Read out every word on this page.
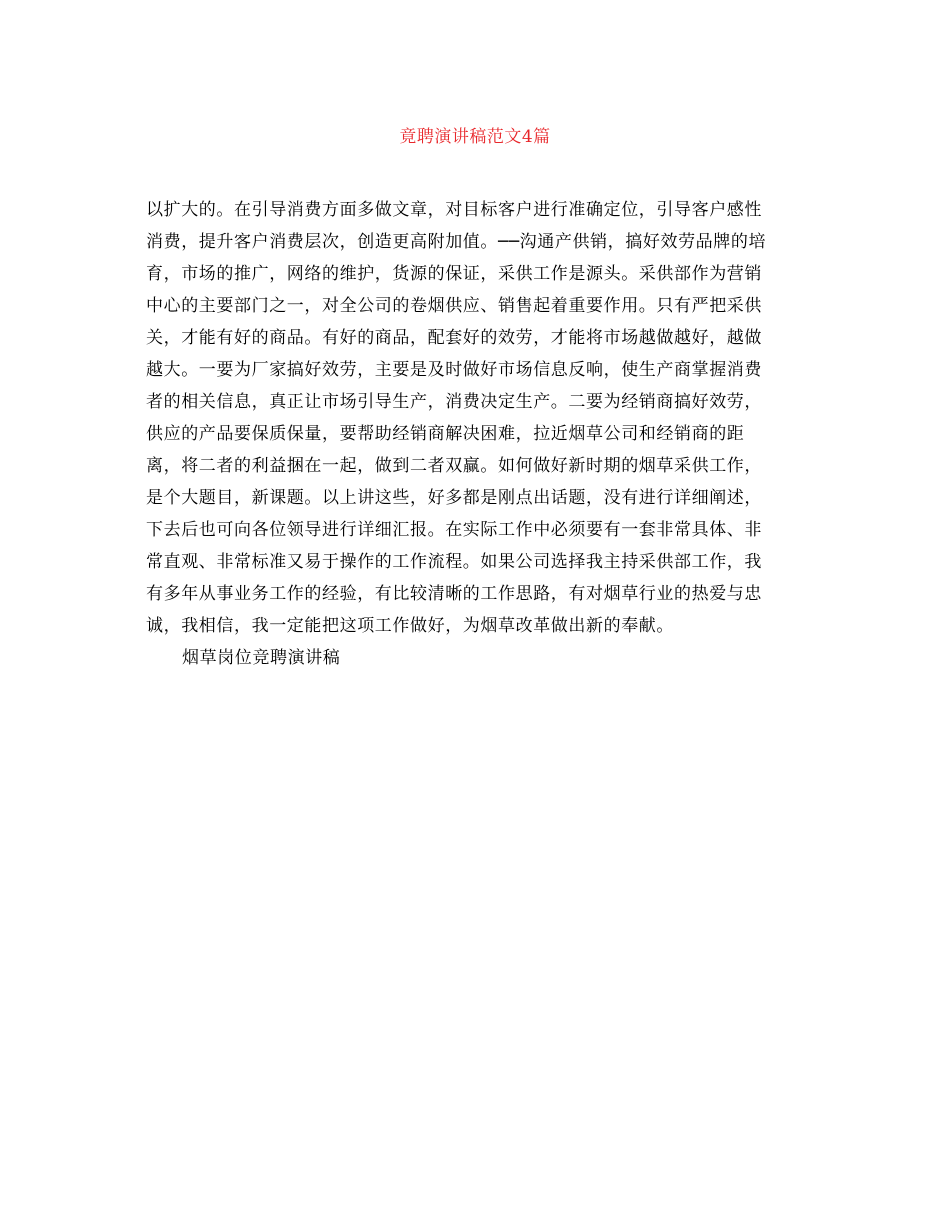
竟聘演讲稿范文4篇
以扩大的。在引导消费方面多做文章，对目标客户进行准确定位，引导客户感性
消费，提升客户消费层次，创造更高附加值。──沟通产供销，搞好效劳品牌的培
育，市场的推广，网络的维护，货源的保证，采供工作是源头。采供部作为营销
中心的主要部门之一，对全公司的卷烟供应、销售起着重要作用。只有严把采供
关，才能有好的商品。有好的商品，配套好的效劳，才能将市场越做越好，越做
越大。一要为厂家搞好效劳，主要是及时做好市场信息反响，使生产商掌握消费
者的相关信息，真正让市场引导生产，消费决定生产。二要为经销商搞好效劳，
供应的产品要保质保量，要帮助经销商解决困难，拉近烟草公司和经销商的距
离，将二者的利益捆在一起，做到二者双赢。如何做好新时期的烟草采供工作，
是个大题目，新课题。以上讲这些，好多都是刚点出话题，没有进行详细阐述，
下去后也可向各位领导进行详细汇报。在实际工作中必须要有一套非常具体、非
常直观、非常标准又易于操作的工作流程。如果公司选择我主持采供部工作，我
有多年从事业务工作的经验，有比较清晰的工作思路，有对烟草行业的热爱与忠
诚，我相信，我一定能把这项工作做好，为烟草改革做出新的奉献。
烟草岗位竞聘演讲稿
